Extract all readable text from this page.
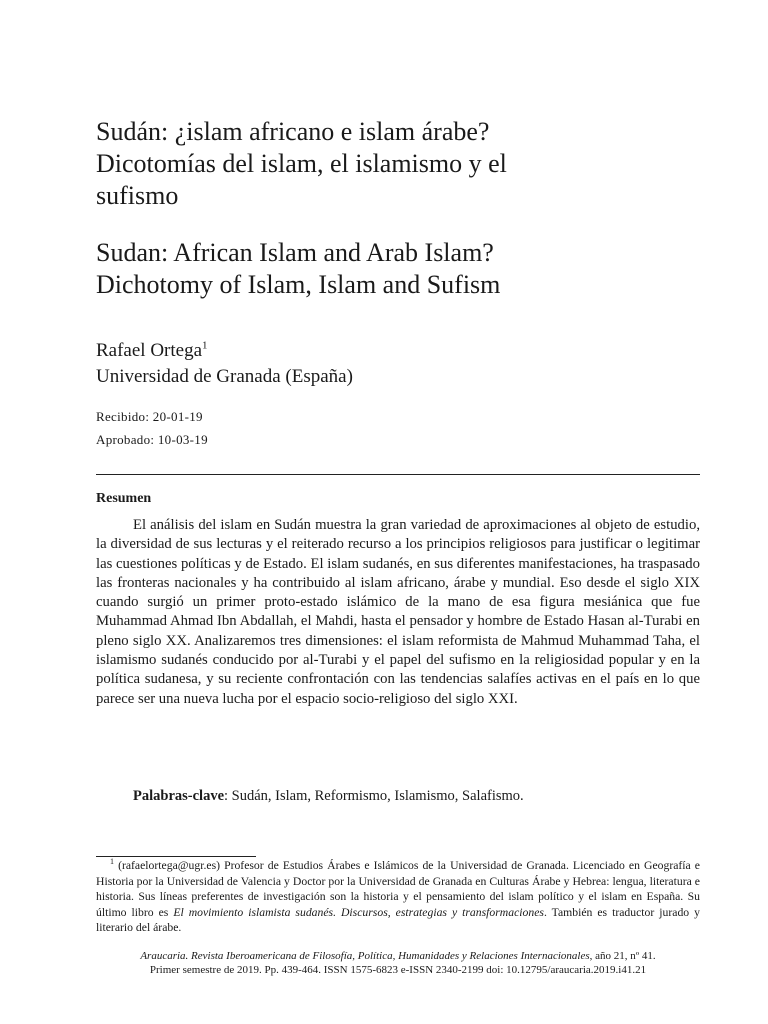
Sudán: ¿islam africano e islam árabe?
Dicotomías del islam, el islamismo y el
sufismo
Sudan: African Islam and Arab Islam?
Dichotomy of Islam, Islam and Sufism
Rafael Ortega$^1$
Universidad de Granada (España)
Recibido: 20-01-19
Aprobado: 10-03-19
Resumen

El análisis del islam en Sudán muestra la gran variedad de aproximaciones al objeto de estudio, la diversidad de sus lecturas y el reiterado recurso a los principios religiosos para justificar o legitimar las cuestiones políticas y de Estado. El islam sudanés, en sus diferentes manifestaciones, ha traspasado las fronteras nacionales y ha contribuido al islam africano, árabe y mundial. Eso desde el siglo XIX cuando surgió un primer proto-estado islámico de la mano de esa figura mesiánica que fue Muhammad Ahmad Ibn Abdallah, el Mahdi, hasta el pensador y hombre de Estado Hasan al-Turabi en pleno siglo XX. Analizaremos tres dimensiones: el islam reformista de Mahmud Muhammad Taha, el islamismo sudanés conducido por al-Turabi y el papel del sufismo en la religiosidad popular y en la política sudanesa, y su reciente confrontación con las tendencias salafíes activas en el país en lo que parece ser una nueva lucha por el espacio socio-religioso del siglo XXI.

Palabras-clave: Sudán, Islam, Reformismo, Islamismo, Salafismo.

$^1$ (rafaelortega@ugr.es) Profesor de Estudios Árabes e Islámicos de la Universidad de Granada. Licenciado en Geografía e Historia por la Universidad de Valencia y Doctor por la Universidad de Granada en Culturas Árabe y Hebrea: lengua, literatura e historia. Sus líneas preferentes de investigación son la historia y el pensamiento del islam político y el islam en España. Su último libro es El movimiento islamista sudanés. Discursos, estrategias y transformaciones. También es traductor jurado y literario del árabe.

Araucaria. Revista Iberoamericana de Filosofía, Política, Humanidades y Relaciones Internacionales, año 21, nº 41.
Primer semestre de 2019. Pp. 439-464. ISSN 1575-6823 e-ISSN 2340-2199 doi: 10.12795/araucaria.2019.i41.21
